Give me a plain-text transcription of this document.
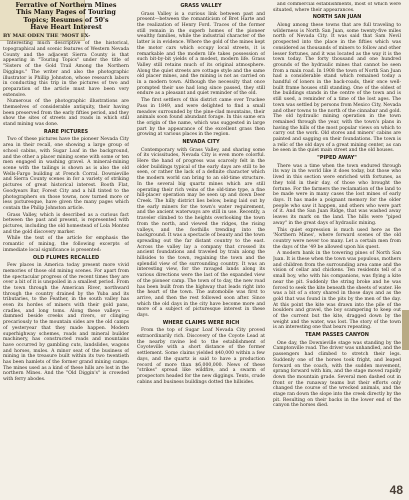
Ferrative of Northern Mines
This Many Pages of Touring
Topics; Resumes of 50's
Have Heart Interest
BY MAE ODEN THE 'MOST EX-

Interesting much descriptive of the historical, topographical and scenic features of Western Nevada County and the adjacent Sierra County is that appearing in "Touring Topics" under the title of "Sisters of the Gold Trail Among the Northern Diggings." The writer and also the photographic illustrator is Phillip Johnston, whose research labors in conducting this trip in the pictures of two and preparation of the article must have been very extensive.

Numerous of the photographic illustrations are themselves of considerable antiquity, their having been preserved from the early fifties period, and they show the sites of streets and roads in which still stand mining was done.

RARE PICTURES

Two of these pictures have the pioneer Nevada City area in their recall, one showing a large group of school cabins, with Sugar Loaf in the background, and the other a placer mining scene with some or ten men engaged in washing gravel. A mineral-mining scene with the tailings is shown as is also the old Wells-Fargo building at French Corral. Downieville and Sierra County scenes in for a variety of striking pictures of great historical interest. Booth Flat, Goodyears Bar, Forest City and a hill tinted to the photographers on those towns, now turned more or less picturesque, have given the many pages which contain the Philip Johnston article.

Grass Valley, which is described as a curious fact between the past and present, is represented with pictures, including the old homestead of Lola Montez and the gold discovery marker.

While the text of the article for emphasis the romantic of mining, the following excerpts of immediate local significance is presented:

OLD FLUMES RECALLED

Few places in America today present more vivid memories of those old mining scenes. For apart from the spectacular progress of the recent times they are over a bit of it is unspoiled in a smallest period. From the town through the American River, northward through the country drained by the Yuba and its tributaries, to the Feather, in the south valley has even its hordes of miners with their gold pans, cradles, and long toms. Along these valleys — dammed beside creeks and rivers, or clinging precariously to the mountain sides are the old camps of yesteryear that they made happen. Modern superhighway schemes, roads and mineral builder machinery, has constructed roads and mountains have occurred by gambling cuts, landslides, wagons and horses, mules. A minor seat of the business of mining in the treasure built within its two twentieth has been hamlets of the former grand mining camps. The mines used as a kind of these hills are lost in the northern Mines. And the "Old Diggin's" is crowded with ferry abodes.

GRASS VALLEY

Grass Valley is a curious link between past and present—between the romanticism of Bret Harte and the realization of Henry Ford. Traces of the former still remain in the superb homes of the pioneer wealthy families, while the industrial character of the latter is in evidence. Where the gold of the mines kept the motor cars which occupy local streets, it is remarkable and the modern life takes possession of such bit-by-bit yields of a modest, modern life. Grass Valley still retains much of its original atmosphere. Along the quiet streets are cottage style and the same old placer mines, and the mining is not as carried on in a modern town. Although the necessity that once prompted their use had long since passed, they still endure as a pleasant and quiet reminder of the old.

The first settlers of this district came over Truckee Pass in 1849, and were delighted to find a small meadow surrounded by the pine-clad mountains, their animals soon found abundant forage. In this same era the origin of the name, which was suggested in large part by the appearance of the excellent grass then growing at various places in the region.

NEVADA CITY

Contemporary with Grass Valley, and sharing some of its vicissitudes, Nevada City is even more colorful. Here the hand of progress was scarcely felt in the older buildings typical of the early days are still to be seen, or rather the lack of a definite character which the modern world can bring to an old-time structure. In the several big quartz mines which are still operating their rich veins of the old-time type, a fine hill-placer operation may be seen up and down Deer Creek. The hilly district lies below, being laid out by the early miners for the town's water requirement, and the ancient waterways are still in use. Recently, a traveler climbed to the heights overlooking the town from the north, and viewed the ridges, the rising valleys, and the foothills trending into the background. It was a spectacle of beauty and the town spreading out the far distant country to the east. Across the valley lay a company that crossed its ancient foundations and traveled by train along the hillsides to the town, regaining the town and the splendid view of the surrounding country. It was an interesting view, for the ravaged lands along its various directions were the last of the expanded view of the pioneer camp. The town of to day, the new road has been built from the highway that leads right into the heart of the town. The automobile was first to arrive, and then the rest followed soon after. Since which the old days in the city have become more and more of a subject of picturesque interest in these days.

WHERE CLAIMS WERE RICH

From the top of Sugar Loaf Nevada City proved extraordinarily rich. Discovery of the Coyote Lead at the nearby ravine led to the establishment of Coyoteville with a short distance of the former settlement. Some claims yielded $40,000 within a few days, and the quartz is said to have a production record of more than $6,000,000. News of these "strikes" spread like wildfire, and a swarm of prospectors headed for the new diggings. Tents, crude cabins and business buildings dotted the hillsides.

and commercial establishments, most of which were situated, where their appearances.

NORTH SAN JUAN

Along among these towns that are full traveling to wilderness is North San Juan, some twenty-five miles north of Nevada City. It was said that Sam Nevil prospected into the place in the fifties which was considered as thousands of miners to follow and other lesser fortunes, and it was located as the way it is the town today. The forty thousand and one hundred grounds of the hydraulic mines that cannot be seen from a main road. In 1908 the town of North San Juan had a considerable stand which remained today a handful of loners in the back-roads, their once well-built frame houses still standing. One of the oldest of the buildings stands in the centre of the town and is still used, a reminder of a time of the lost ages. The town was settled by persons from Mexico City, Nevada and other towns to the north of the cinnabar and gold. The old hydraulic mining operation in the town remained through the year, with the town's plans in having the hills of the most popular views on which to carry out the work. Old stores and miners' cabins are painted and sagging on their foundations. The town is a relic of the old days of a great mining center, as can be seen in the quiet main street and the old houses.

"PIPED AWAY"

There was a time when the town endured through its way in the world like it does today, but those who lived in this section were enriched with fortunes, as they told in their day, of those who brought the fortune. For the farmers the reclamation of the land to be made were in many cases the lost mines of early days. It has made a poignant memory for the older people who saw it happen, and others who were part of it. And the San Juan Ridge, that was washed away leaves its mark on the land. The hills were "piped away" in the great days of hydraulic mining.

This quiet expression is much used here as the 'Northern Mines', where forward scenes of the old country were never too many. Let a certain men from the days of the '49 be allowed upon his quest.

A modern bank in the towering pines of North San Juan. It is these when the town was populous, mothers and children from the surrounding area came and the vision of cellar and chickens. Ten residents tell of a small boy, who with his companions, was flying a kite near the pit. Suddenly the string broke and he was forced to seek the kite beneath the sheets of water. He was a bit of a story shared in those days and as the gold that was found in the pits by the men of the day. At this point the kite was drawn into the pile of the boulders and gravel, the boy scampering to keep out of the current but the kite, dragged down by the weight and the water, was lost. The story of the town is an interesting one that bears repeating.

TEAM PASSES CANYON

One day, the Downieville stage was standing by the Camptonville road. The driver was unhandled, and the passengers had climbed to stretch their legs. Suddenly one of the horses took fright, and leaped forward on the coach, with the sudden movement, sprang forward with him, and the stage moved rapidly down the mountain grade. Several men dashed out in front or the runaway teams but their efforts only changed the course of the wrecked animals, and the stage ran down the slope into the creek directly by the pit. Resulting on their backs in the lower end of the canyon the horses died.

48
